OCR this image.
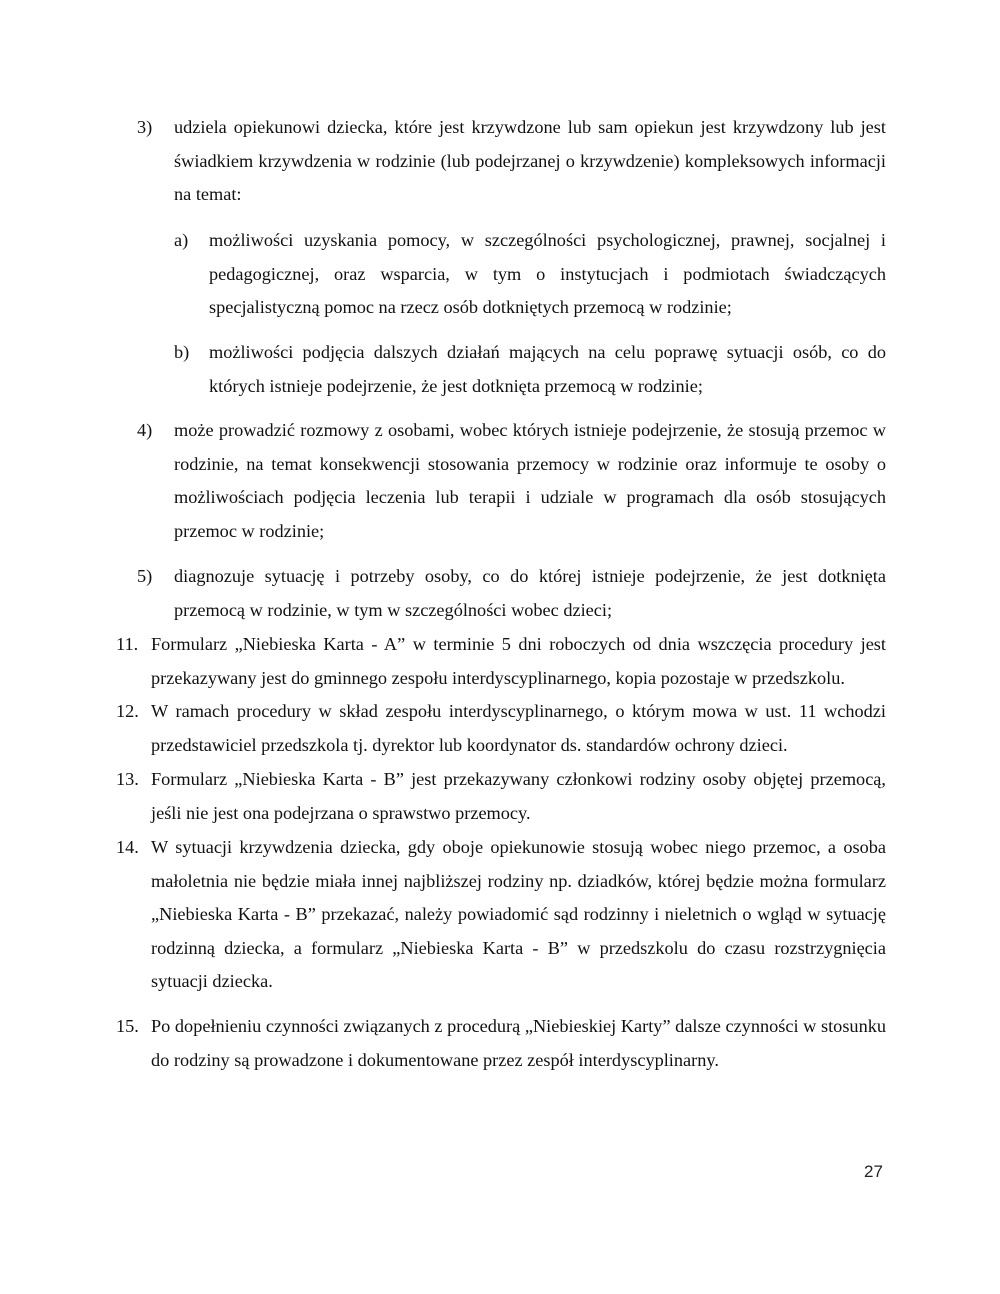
3) udziela opiekunowi dziecka, które jest krzywdzone lub sam opiekun jest krzywdzony lub jest świadkiem krzywdzenia w rodzinie (lub podejrzanej o krzywdzenie) kompleksowych informacji na temat:
a) możliwości uzyskania pomocy, w szczególności psychologicznej, prawnej, socjalnej i pedagogicznej, oraz wsparcia, w tym o instytucjach i podmiotach świadczących specjalistyczną pomoc na rzecz osób dotkniętych przemocą w rodzinie;
b) możliwości podjęcia dalszych działań mających na celu poprawę sytuacji osób, co do których istnieje podejrzenie, że jest dotknięta przemocą w rodzinie;
4) może prowadzić rozmowy z osobami, wobec których istnieje podejrzenie, że stosują przemoc w rodzinie, na temat konsekwencji stosowania przemocy w rodzinie oraz informuje te osoby o możliwościach podjęcia leczenia lub terapii i udziale w programach dla osób stosujących przemoc w rodzinie;
5) diagnozuje sytuację i potrzeby osoby, co do której istnieje podejrzenie, że jest dotknięta przemocą w rodzinie, w tym w szczególności wobec dzieci;
11. Formularz „Niebieska Karta - A” w terminie 5 dni roboczych od dnia wszczęcia procedury jest przekazywany jest do gminnego zespołu interdyscyplinarnego, kopia pozostaje w przedszkolu.
12. W ramach procedury w skład zespołu interdyscyplinarnego, o którym mowa w ust. 11 wchodzi przedstawiciel przedszkola tj. dyrektor lub koordynator ds. standardów ochrony dzieci.
13. Formularz „Niebieska Karta - B” jest przekazywany członkowi rodziny osoby objętej przemocą, jeśli nie jest ona podejrzana o sprawstwo przemocy.
14. W sytuacji krzywdzenia dziecka, gdy oboje opiekunowie stosują wobec niego przemoc, a osoba małoletnia nie będzie miała innej najbliższej rodziny np. dziadków, której będzie można formularz „Niebieska Karta - B” przekazać, należy powiadomić sąd rodzinny i nieletnich o wgląd w sytuację rodzinną dziecka, a formularz „Niebieska Karta - B” w przedszkolu do czasu rozstrzygnięcia sytuacji dziecka.
15. Po dopełnieniu czynności związanych z procedurą „Niebieskiej Karty” dalsze czynności w stosunku do rodziny są prowadzone i dokumentowane przez zespół interdyscyplinarny.
27
